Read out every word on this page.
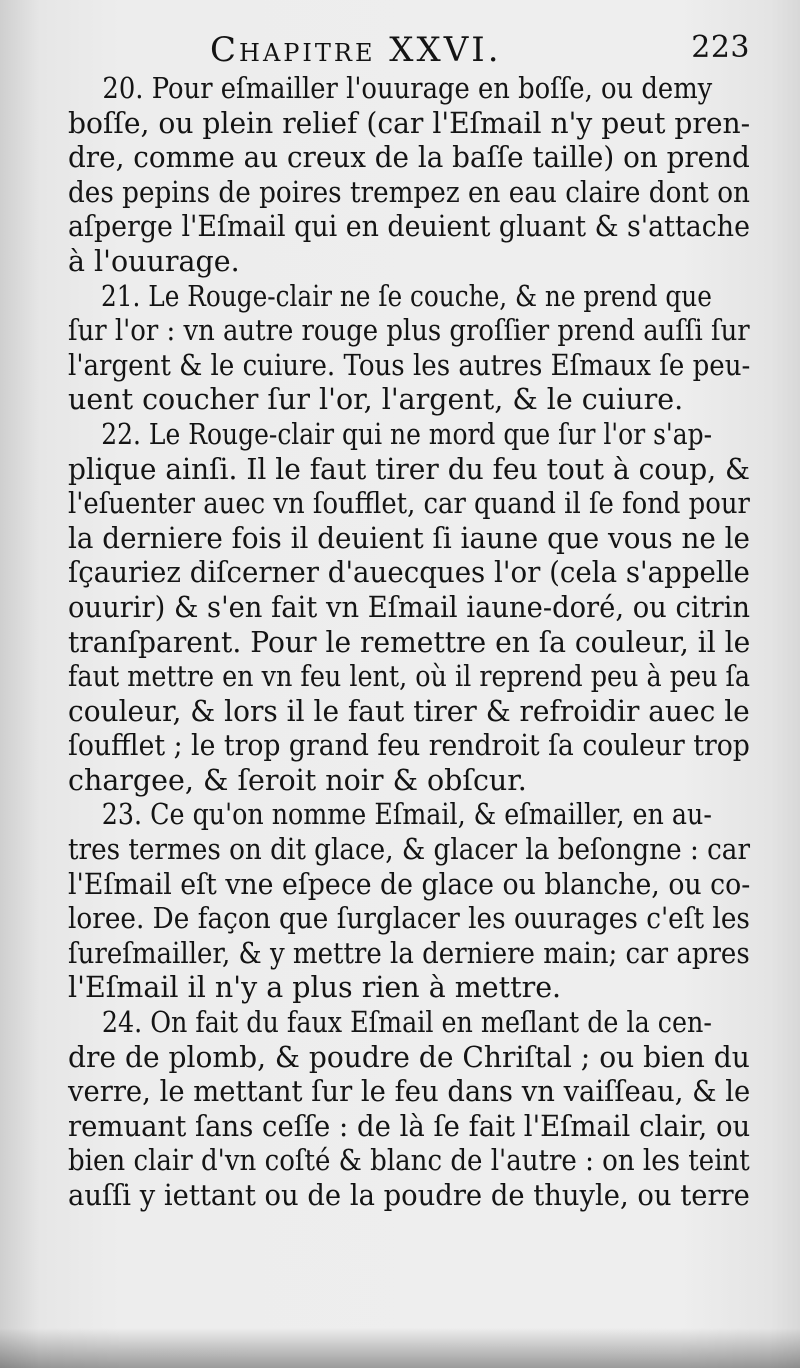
Chapitre XXVI.	223
20. Pour eſmailler l'ouurage en boſſe, ou demy
boſſe, ou plein relief (car l'Eſmail n'y peut pren-
dre, comme au creux de la baſſe taille) on prend
des pepins de poires trempez en eau claire dont on
aſperge l'Eſmail qui en deuient gluant & s'attache
à l'ouurage.
21. Le Rouge-clair ne ſe couche, & ne prend que
ſur l'or : vn autre rouge plus groſſier prend auſſi ſur
l'argent & le cuiure. Tous les autres Eſmaux ſe peu-
uent coucher ſur l'or, l'argent, & le cuiure.
22. Le Rouge-clair qui ne mord que ſur l'or s'ap-
plique ainſi. Il le faut tirer du feu tout à coup, &
l'eſuenter auec vn ſoufflet, car quand il ſe fond pour
la derniere fois il deuient ſi iaune que vous ne le
ſçauriez diſcerner d'auecques l'or (cela s'appelle
ouurir) & s'en fait vn Eſmail iaune-doré, ou citrin
tranſparent. Pour le remettre en ſa couleur, il le
faut mettre en vn feu lent, où il reprend peu à peu ſa
couleur, & lors il le faut tirer & refroidir auec le
ſoufflet ; le trop grand feu rendroit ſa couleur trop
chargee, & ſeroit noir & obſcur.
23. Ce qu'on nomme Eſmail, & eſmailler, en au-
tres termes on dit glace, & glacer la beſongne : car
l'Eſmail eſt vne eſpece de glace ou blanche, ou co-
loree. De façon que ſurglacer les ouurages c'eſt les
ſureſmailler, & y mettre la derniere main; car apres
l'Eſmail il n'y a plus rien à mettre.
24. On fait du faux Eſmail en meſlant de la cen-
dre de plomb, & poudre de Chriſtal ; ou bien du
verre, le mettant ſur le feu dans vn vaiſſeau, & le
remuant ſans ceſſe : de là ſe fait l'Eſmail clair, ou
bien clair d'vn coſté & blanc de l'autre : on les teint
auſſi y iettant ou de la poudre de thuyle, ou terre
